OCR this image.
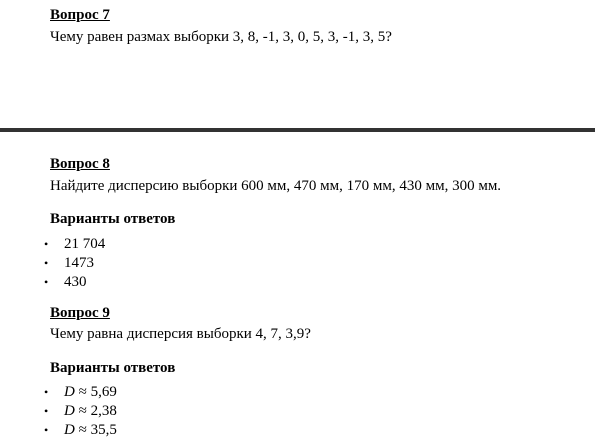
Вопрос 7
Чему равен размах выборки 3, 8, -1, 3, 0, 5, 3, -1, 3, 5?
Вопрос 8
Найдите дисперсию выборки 600 мм, 470 мм, 170 мм, 430 мм, 300 мм.
Варианты ответов
• 21 704
• 1473
• 430
Вопрос 9
Чему равна дисперсия выборки 4, 7, 3,9?
Варианты ответов
• D ≈ 5,69
• D ≈ 2,38
• D ≈ 35,5
